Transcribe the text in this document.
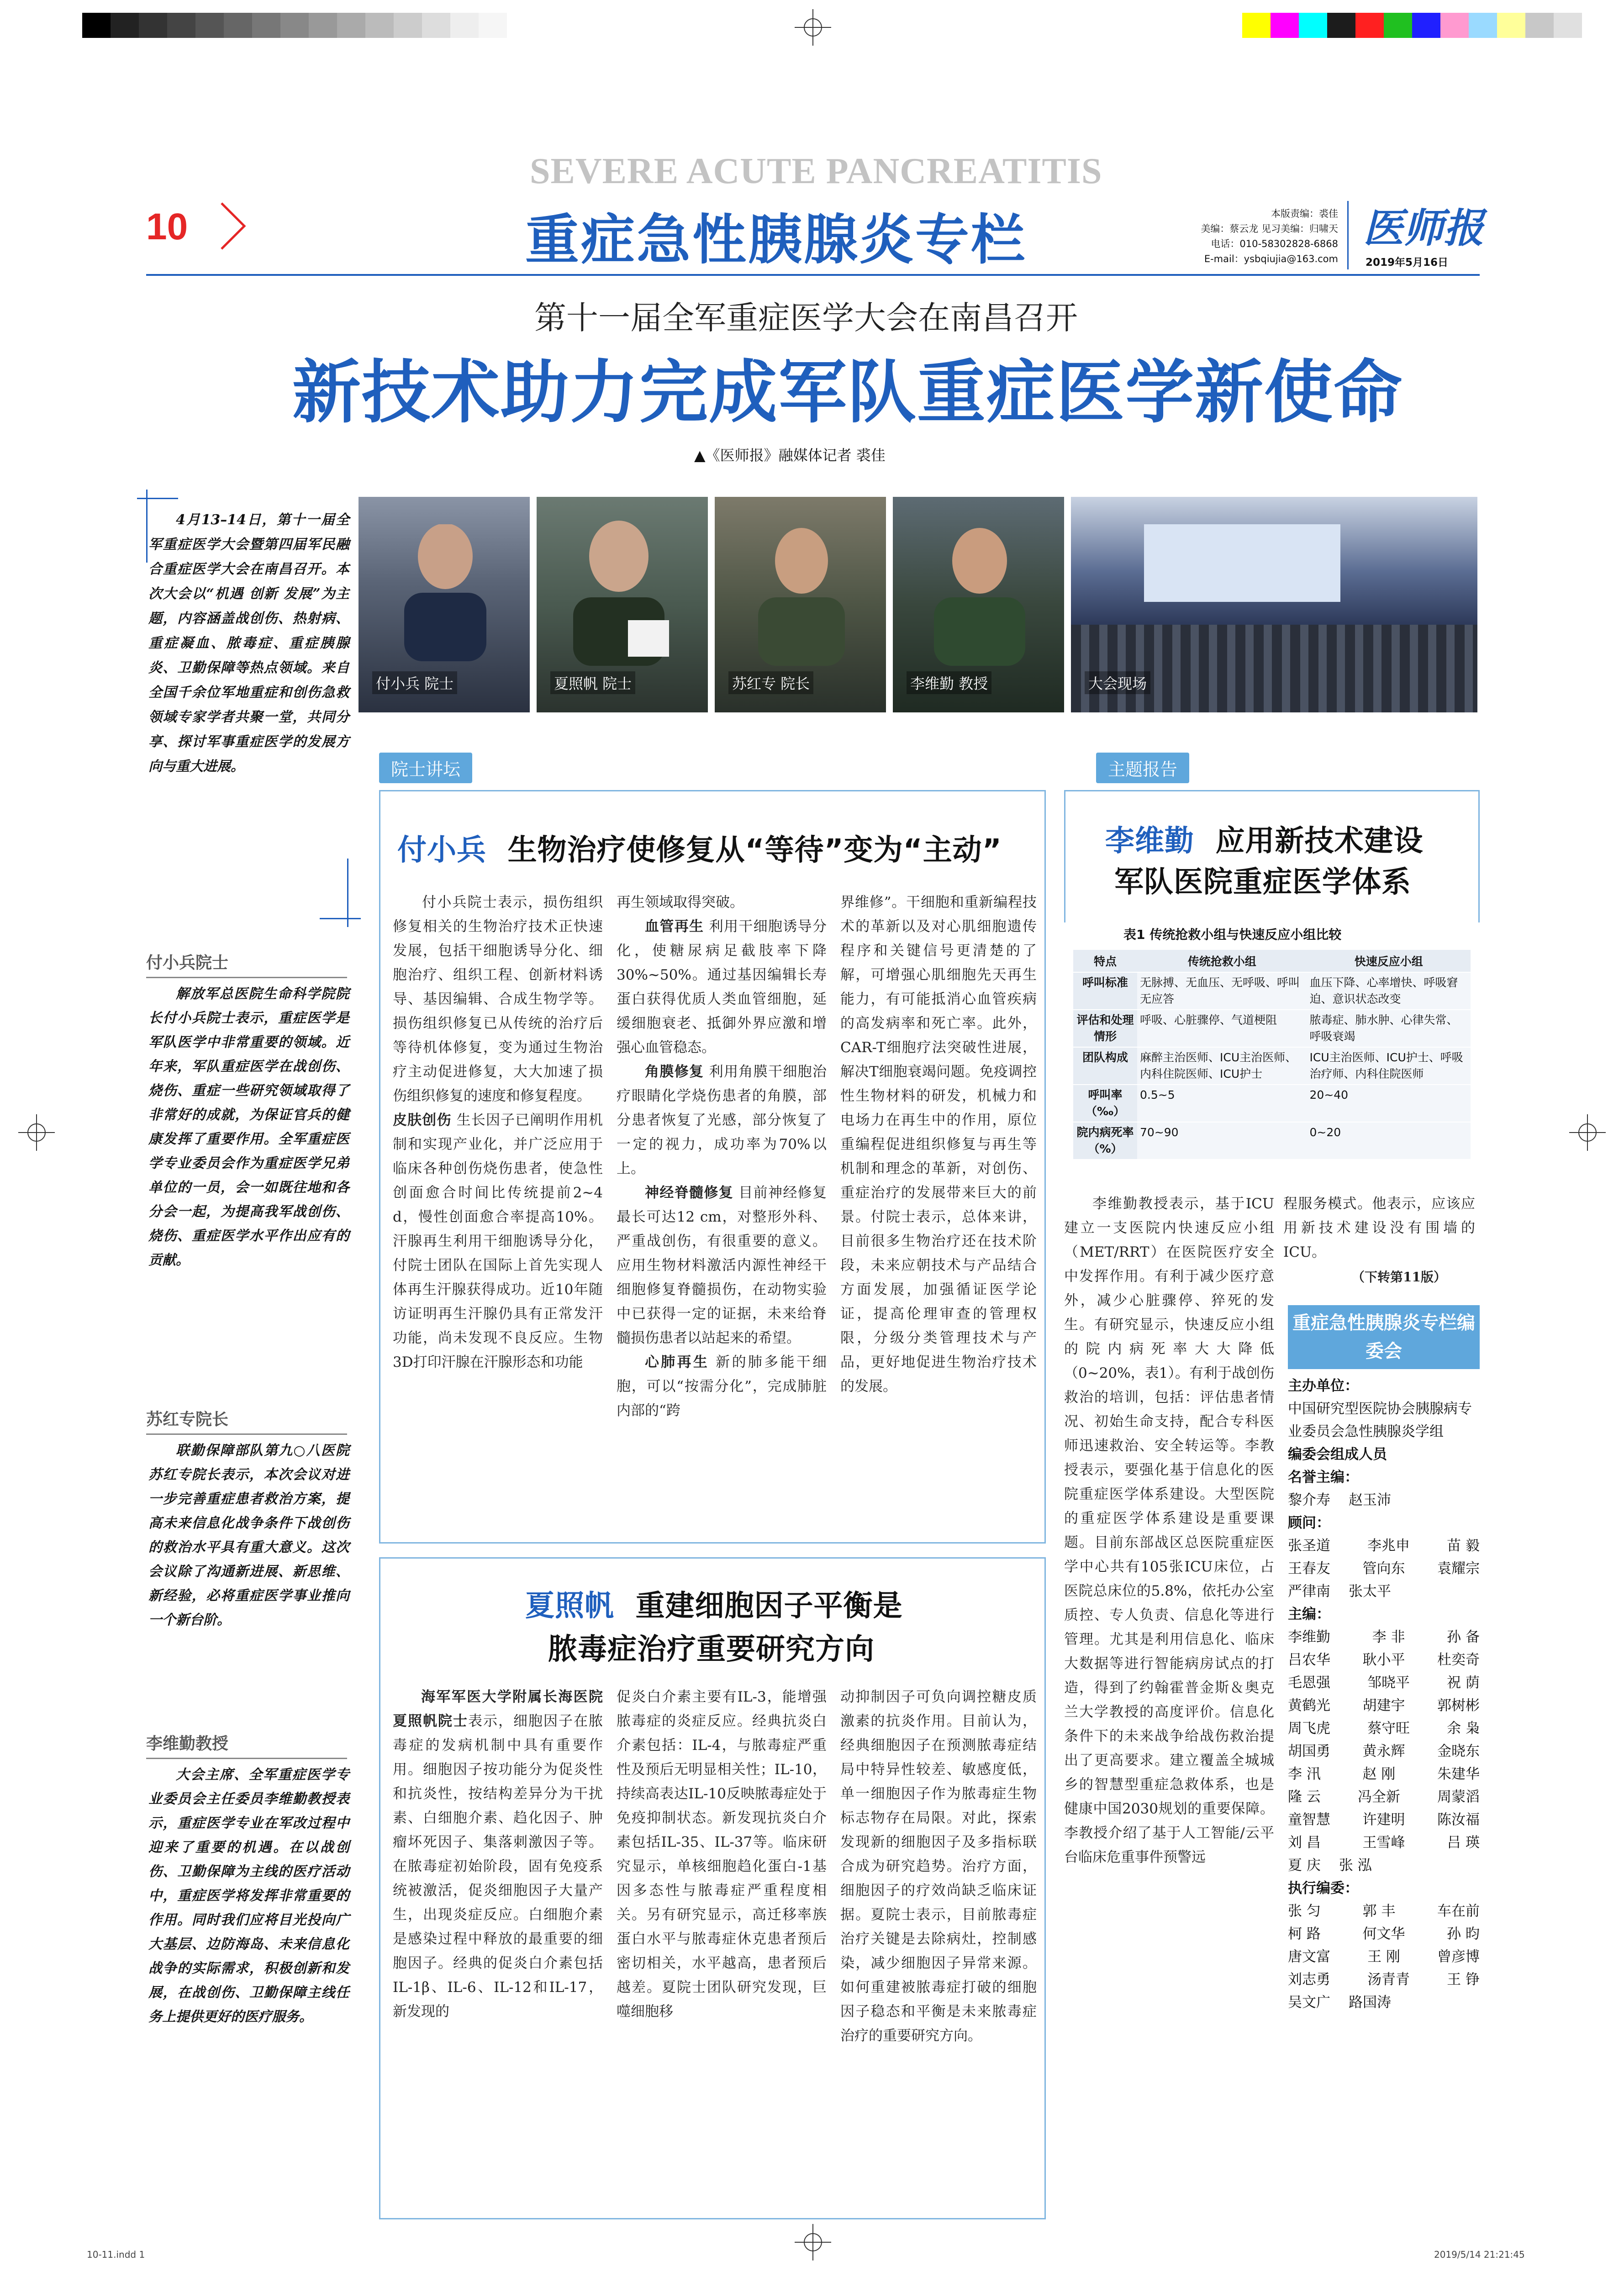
SEVERE ACUTE PANCREATITIS
10	重症急性胰腺炎专栏	本版责编：裘佳
美编：蔡云龙 见习美编：归啸天
电话：010-58302828-6868
E-mail：ysbqiujia@163.com
医师报
2019年5月16日
第十一届全军重症医学大会在南昌召开
新技术助力完成军队重症医学新使命
▲《医师报》融媒体记者 裘佳
4月13–14日，第十一届全军重症医学大会暨第四届军民融合重症医学大会在南昌召开。本次大会以“机遇 创新 发展”为主题，内容涵盖战创伤、热射病、重症凝血、脓毒症、重症胰腺炎、卫勤保障等热点领域。来自全国千余位军地重症和创伤急救领域专家学者共聚一堂，共同分享、探讨军事重症医学的发展方向与重大进展。
付小兵 院士	夏照帆 院士	苏红专 院长	李维勤 教授	大会现场
院士讲坛	主题报告
付小兵院士
解放军总医院生命科学院院长付小兵院士表示，重症医学是军队医学中非常重要的领域。近年来，军队重症医学在战创伤、烧伤、重症一些研究领域取得了非常好的成就，为保证官兵的健康发挥了重要作用。全军重症医学专业委员会作为重症医学兄弟单位的一员，会一如既往地和各分会一起，为提高我军战创伤、烧伤、重症医学水平作出应有的贡献。
苏红专院长
联勤保障部队第九○八医院苏红专院长表示，本次会议对进一步完善重症患者救治方案，提高未来信息化战争条件下战创伤的救治水平具有重大意义。这次会议除了沟通新进展、新思维、新经验，必将重症医学事业推向一个新台阶。
李维勤教授
大会主席、全军重症医学专业委员会主任委员李维勤教授表示，重症医学专业在军改过程中迎来了重要的机遇。在以战创伤、卫勤保障为主线的医疗活动中，重症医学将发挥非常重要的作用。同时我们应将目光投向广大基层、边防海岛、未来信息化战争的实际需求，积极创新和发展，在战创伤、卫勤保障主线任务上提供更好的医疗服务。
付小兵 生物治疗使修复从“等待”变为“主动”
付小兵院士表示，损伤组织修复相关的生物治疗技术正快速发展，包括干细胞诱导分化、细胞治疗、组织工程、创新材料诱导、基因编辑、合成生物学等。损伤组织修复已从传统的治疗后等待机体修复，变为通过生物治疗主动促进修复，大大加速了损伤组织修复的速度和修复程度。
皮肤创伤 生长因子已阐明作用机制和实现产业化，并广泛应用于临床各种创伤烧伤患者，使急性创面愈合时间比传统提前2~4 d，慢性创面愈合率提高10%。汗腺再生利用干细胞诱导分化，付院士团队在国际上首先实现人体再生汗腺获得成功。近10年随访证明再生汗腺仍具有正常发汗功能，尚未发现不良反应。生物3D打印汗腺在汗腺形态和功能
再生领域取得突破。
血管再生 利用干细胞诱导分化，使糖尿病足截肢率下降30%~50%。通过基因编辑长寿蛋白获得优质人类血管细胞，延缓细胞衰老、抵御外界应激和增强心血管稳态。
角膜修复 利用角膜干细胞治疗眼睛化学烧伤患者的角膜，部分患者恢复了光感，部分恢复了一定的视力，成功率为70%以上。
神经脊髓修复 目前神经修复最长可达12 cm，对整形外科、严重战创伤，有很重要的意义。应用生物材料激活内源性神经干细胞修复脊髓损伤，在动物实验中已获得一定的证据，未来给脊髓损伤患者以站起来的希望。
心肺再生 新的肺多能干细胞，可以“按需分化”，完成肺脏内部的“跨
界维修”。干细胞和重新编程技术的革新以及对心肌细胞遗传程序和关键信号更清楚的了解，可增强心肌细胞先天再生能力，有可能抵消心血管疾病的高发病率和死亡率。此外，CAR-T细胞疗法突破性进展，解决T细胞衰竭问题。免疫调控性生物材料的研发，机械力和电场力在再生中的作用，原位重编程促进组织修复与再生等机制和理念的革新，对创伤、重症治疗的发展带来巨大的前景。付院士表示，总体来讲，目前很多生物治疗还在技术阶段，未来应朝技术与产品结合方面发展，加强循证医学论证，提高伦理审查的管理权限，分级分类管理技术与产品，更好地促进生物治疗技术的发展。
夏照帆 重建细胞因子平衡是
脓毒症治疗重要研究方向
海军军医大学附属长海医院夏照帆院士表示，细胞因子在脓毒症的发病机制中具有重要作用。细胞因子按功能分为促炎性和抗炎性，按结构差异分为干扰素、白细胞介素、趋化因子、肿瘤坏死因子、集落刺激因子等。在脓毒症初始阶段，固有免疫系统被激活，促炎细胞因子大量产生，出现炎症反应。白细胞介素是感染过程中释放的最重要的细胞因子。经典的促炎白介素包括IL-1β、IL-6、IL-12和IL-17，新发现的
促炎白介素主要有IL-3，能增强脓毒症的炎症反应。经典抗炎白介素包括：IL-4，与脓毒症严重性及预后无明显相关性；IL-10，持续高表达IL-10反映脓毒症处于免疫抑制状态。新发现抗炎白介素包括IL-35、IL-37等。临床研究显示，单核细胞趋化蛋白-1基因多态性与脓毒症严重程度相关。另有研究显示，高迁移率族蛋白水平与脓毒症休克患者预后密切相关，水平越高，患者预后越差。夏院士团队研究发现，巨噬细胞移
动抑制因子可负向调控糖皮质激素的抗炎作用。目前认为，经典细胞因子在预测脓毒症结局中特异性较差、敏感度低，单一细胞因子作为脓毒症生物标志物存在局限。对此，探索发现新的细胞因子及多指标联合成为研究趋势。治疗方面，细胞因子的疗效尚缺乏临床证据。夏院士表示，目前脓毒症治疗关键是去除病灶，控制感染，减少细胞因子异常来源。如何重建被脓毒症打破的细胞因子稳态和平衡是未来脓毒症治疗的重要研究方向。
李维勤 应用新技术建设
军队医院重症医学体系
表1 传统抢救小组与快速反应小组比较
特点	传统抢救小组	快速反应小组
呼叫标准	无脉搏、无血压、无呼吸、呼叫无应答	血压下降、心率增快、呼吸窘迫、意识状态改变
评估和处理情形	呼吸、心脏骤停、气道梗阻	脓毒症、肺水肿、心律失常、呼吸衰竭
团队构成	麻醉主治医师、ICU主治医师、内科住院医师、ICU护士	ICU主治医师、ICU护士、呼吸治疗师、内科住院医师
呼叫率（‰）	0.5~5	20~40
院内病死率（%）	70~90	0~20
李维勤教授表示，基于ICU建立一支医院内快速反应小组（MET/RRT）在医院医疗安全中发挥作用。有利于减少医疗意外，减少心脏骤停、猝死的发生。有研究显示，快速反应小组的院内病死率大大降低（0~20%，表1）。有利于战创伤救治的培训，包括：评估患者情况、初始生命支持，配合专科医师迅速救治、安全转运等。李教授表示，要强化基于信息化的医院重症医学体系建设。大型医院的重症医学体系建设是重要课题。目前东部战区总医院重症医学中心共有105张ICU床位，占医院总床位的5.8%，依托办公室质控、专人负责、信息化等进行管理。尤其是利用信息化、临床大数据等进行智能病房试点的打造，得到了约翰霍普金斯＆奥克兰大学教授的高度评价。信息化条件下的未来战争给战伤救治提出了更高要求。建立覆盖全城城乡的智慧型重症急救体系，也是健康中国2030规划的重要保障。李教授介绍了基于人工智能/云平台临床危重事件预警远
程服务模式。他表示，应该应用新技术建设没有围墙的ICU。
（下转第11版）
重症急性胰腺炎专栏编委会
主办单位：
中国研究型医院协会胰腺病专业委员会急性胰腺炎学组
编委会组成人员
名誉主编：
黎介寿 赵玉沛
顾问：
张圣道	李兆申	苗 毅
王春友 管向东 袁耀宗
严律南 张太平
主编：
李维勤	李 非	孙 备
吕农华 耿小平 杜奕奇
毛恩强	邹晓平	祝 荫
黄鹤光 胡建宇 郭树彬
周飞虎	蔡守旺	余 枭
胡国勇 黄永辉 金晓东
李 汛	赵 刚	朱建华
隆 云	冯全新	周蒙滔
童智慧 许建明 陈汝福
刘 昌	王雪峰	吕 瑛
夏 庆 张 泓
执行编委：
张 匀	郭 丰	车在前
柯 路	何文华	孙 昀
唐文富	王 刚	曾彦博
刘志勇	汤青青	王 铮
吴文广 路国涛
10-11.indd 1	2019/5/14 21:21:45
